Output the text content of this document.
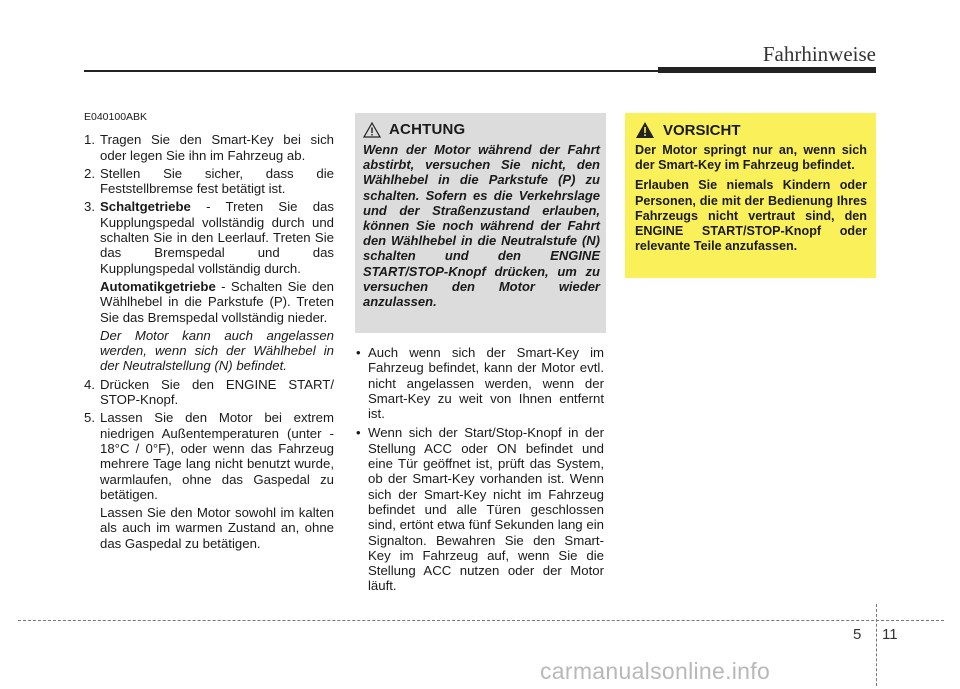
Fahrhinweise
E040100ABK
1. Tragen Sie den Smart-Key bei sich oder legen Sie ihn im Fahrzeug ab.
2. Stellen Sie sicher, dass die Feststellbremse fest betätigt ist.
3. Schaltgetriebe - Treten Sie das Kupplungspedal vollständig durch und schalten Sie in den Leerlauf. Treten Sie das Bremspedal und das Kupplungspedal vollständig durch.
Automatikgetriebe - Schalten Sie den Wählhebel in die Parkstufe (P). Treten Sie das Bremspedal vollständig nieder.
Der Motor kann auch angelassen werden, wenn sich der Wählhebel in der Neutralstellung (N) befindet.
4. Drücken Sie den ENGINE START/ STOP-Knopf.
5. Lassen Sie den Motor bei extrem niedrigen Außentemperaturen (unter - 18°C / 0°F), oder wenn das Fahrzeug mehrere Tage lang nicht benutzt wurde, warmlaufen, ohne das Gaspedal zu betätigen.
Lassen Sie den Motor sowohl im kalten als auch im warmen Zustand an, ohne das Gaspedal zu betätigen.
ACHTUNG
Wenn der Motor während der Fahrt abstirbt, versuchen Sie nicht, den Wählhebel in die Parkstufe (P) zu schalten. Sofern es die Verkehrslage und der Straßenzustand erlauben, können Sie noch während der Fahrt den Wählhebel in die Neutralstufe (N) schalten und den ENGINE START/STOP-Knopf drücken, um zu versuchen den Motor wieder anzulassen.
VORSICHT

Der Motor springt nur an, wenn sich der Smart-Key im Fahrzeug befindet.

Erlauben Sie niemals Kindern oder Personen, die mit der Bedienung Ihres Fahrzeugs nicht vertraut sind, den ENGINE START/STOP-Knopf oder relevante Teile anzufassen.

• Auch wenn sich der Smart-Key im Fahrzeug befindet, kann der Motor evtl. nicht angelassen werden, wenn der Smart-Key zu weit von Ihnen entfernt ist.
• Wenn sich der Start/Stop-Knopf in der Stellung ACC oder ON befindet und eine Tür geöffnet ist, prüft das System, ob der Smart-Key vorhanden ist. Wenn sich der Smart-Key nicht im Fahrzeug befindet und alle Türen geschlossen sind, ertönt etwa fünf Sekunden lang ein Signalton. Bewahren Sie den Smart-Key im Fahrzeug auf, wenn Sie die Stellung ACC nutzen oder der Motor läuft.
5 11
carmanualsonline.info
